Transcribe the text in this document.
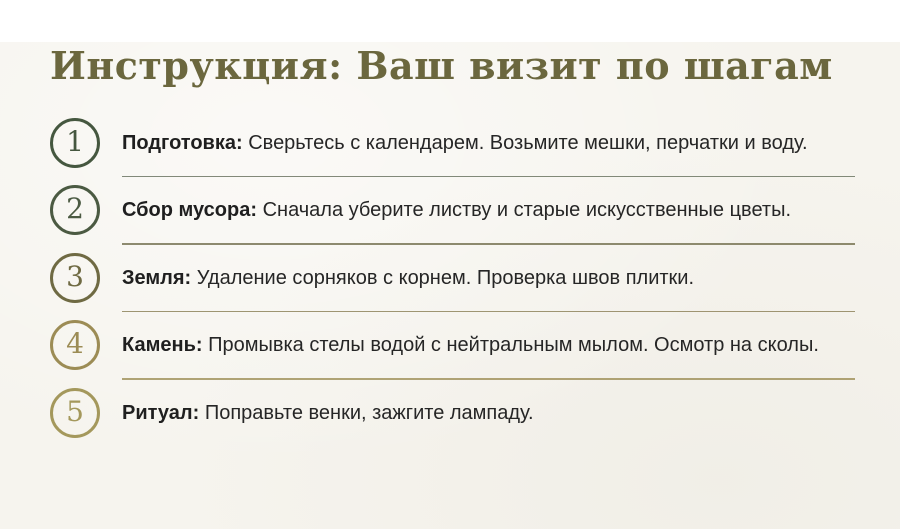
Инструкция: Ваш визит по шагам
1 Подготовка: Сверьтесь с календарем. Возьмите мешки, перчатки и воду.

2 Сбор мусора: Сначала уберите листву и старые искусственные цветы.

3 Земля: Удаление сорняков с корнем. Проверка швов плитки.

4 Камень: Промывка стелы водой с нейтральным мылом. Осмотр на сколы.

5 Ритуал: Поправьте венки, зажгите лампаду.
